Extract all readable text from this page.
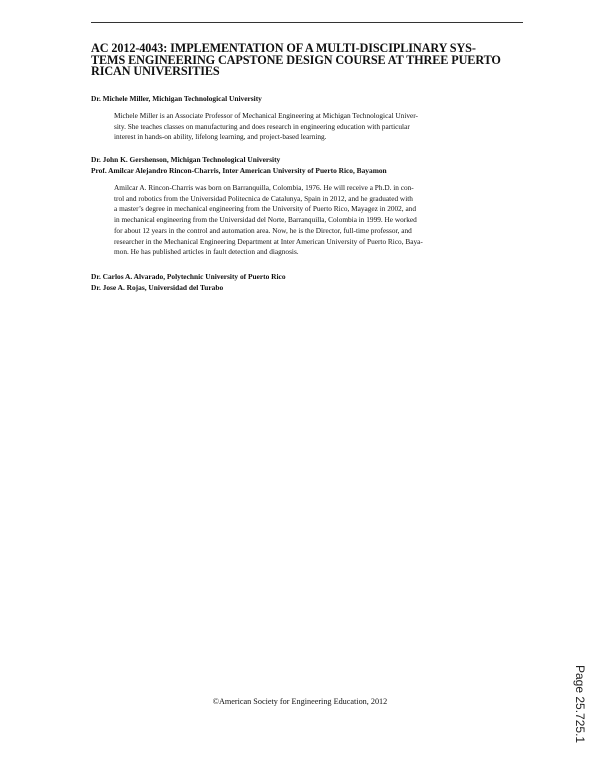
AC 2012-4043: IMPLEMENTATION OF A MULTI-DISCIPLINARY SYS-
TEMS ENGINEERING CAPSTONE DESIGN COURSE AT THREE PUERTO
RICAN UNIVERSITIES

Dr. Michele Miller, Michigan Technological University

Michele Miller is an Associate Professor of Mechanical Engineering at Michigan Technological Univer-
sity. She teaches classes on manufacturing and does research in engineering education with particular
interest in hands-on ability, lifelong learning, and project-based learning.

Dr. John K. Gershenson, Michigan Technological University

Prof. Amilcar Alejandro Rincon-Charris, Inter American University of Puerto Rico, Bayamon

Amilcar A. Rincon-Charris was born on Barranquilla, Colombia, 1976. He will receive a Ph.D. in con-
trol and robotics from the Universidad Politecnica de Catalunya, Spain in 2012, and he graduated with
a master’s degree in mechanical engineering from the University of Puerto Rico, Mayagez in 2002, and
in mechanical engineering from the Universidad del Norte, Barranquilla, Colombia in 1999. He worked
for about 12 years in the control and automation area. Now, he is the Director, full-time professor, and
researcher in the Mechanical Engineering Department at Inter American University of Puerto Rico, Baya-
mon. He has published articles in fault detection and diagnosis.

Dr. Carlos A. Alvarado, Polytechnic University of Puerto Rico

Dr. Jose A. Rojas, Universidad del Turabo

©American Society for Engineering Education, 2012	Page 25.725.1
